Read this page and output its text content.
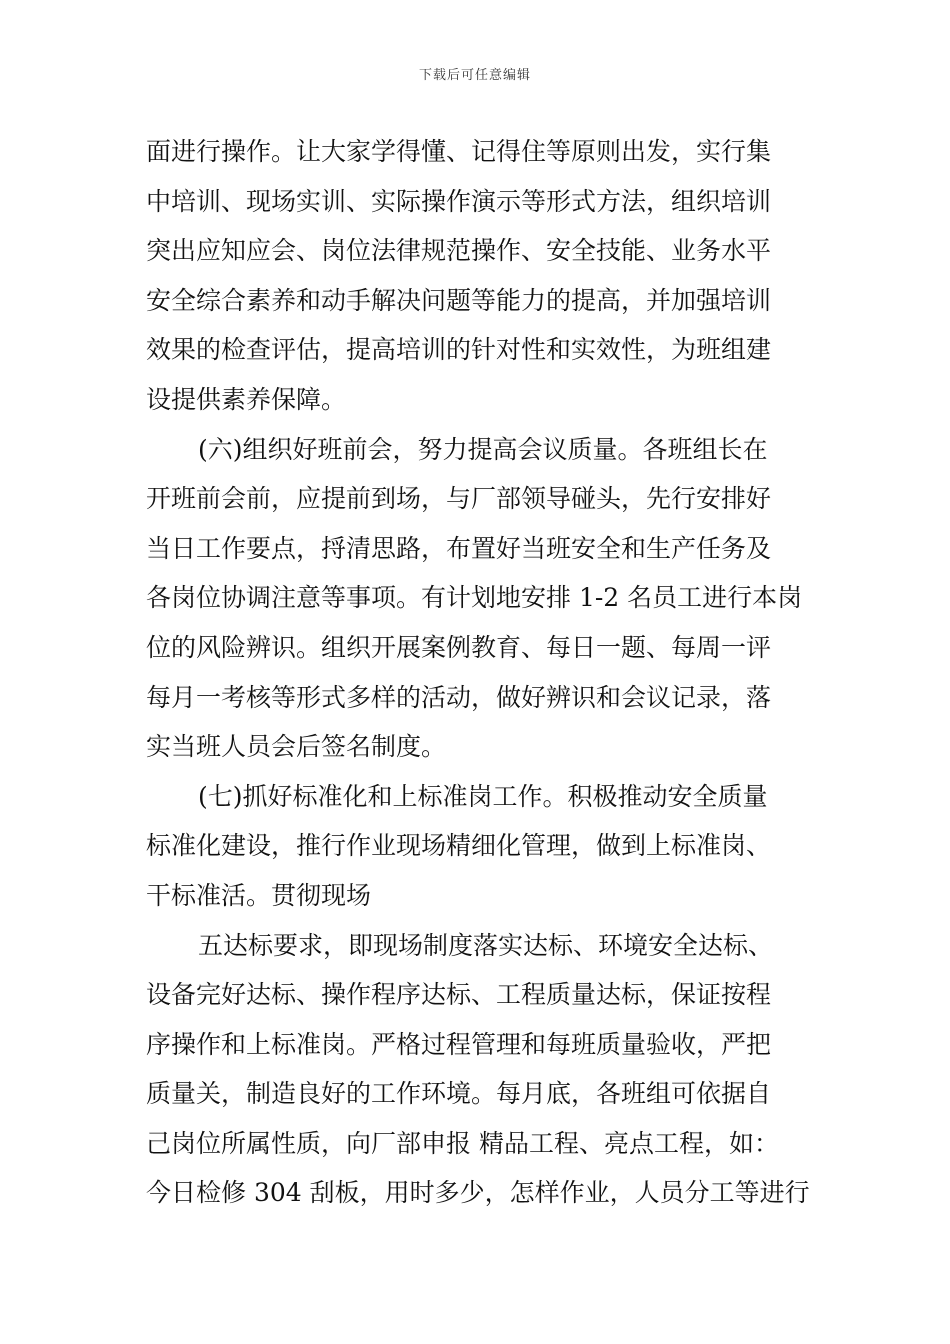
下载后可任意编辑
面进行操作。让大家学得懂、记得住等原则出发，实行集
中培训、现场实训、实际操作演示等形式方法，组织培训
突出应知应会、岗位法律规范操作、安全技能、业务水平
安全综合素养和动手解决问题等能力的提高，并加强培训
效果的检查评估，提高培训的针对性和实效性，为班组建
设提供素养保障。
(六)组织好班前会，努力提高会议质量。各班组长在
开班前会前，应提前到场，与厂部领导碰头，先行安排好
当日工作要点，捋清思路，布置好当班安全和生产任务及
各岗位协调注意等事项。有计划地安排 1-2 名员工进行本岗
位的风险辨识。组织开展案例教育、每日一题、每周一评
每月一考核等形式多样的活动，做好辨识和会议记录，落
实当班人员会后签名制度。
(七)抓好标准化和上标准岗工作。积极推动安全质量
标准化建设，推行作业现场精细化管理，做到上标准岗、
干标准活。贯彻现场
五达标要求，即现场制度落实达标、环境安全达标、
设备完好达标、操作程序达标、工程质量达标，保证按程
序操作和上标准岗。严格过程管理和每班质量验收，严把
质量关，制造良好的工作环境。每月底，各班组可依据自
己岗位所属性质，向厂部申报 精品工程、亮点工程，如：
今日检修 304 刮板，用时多少，怎样作业，人员分工等进行
